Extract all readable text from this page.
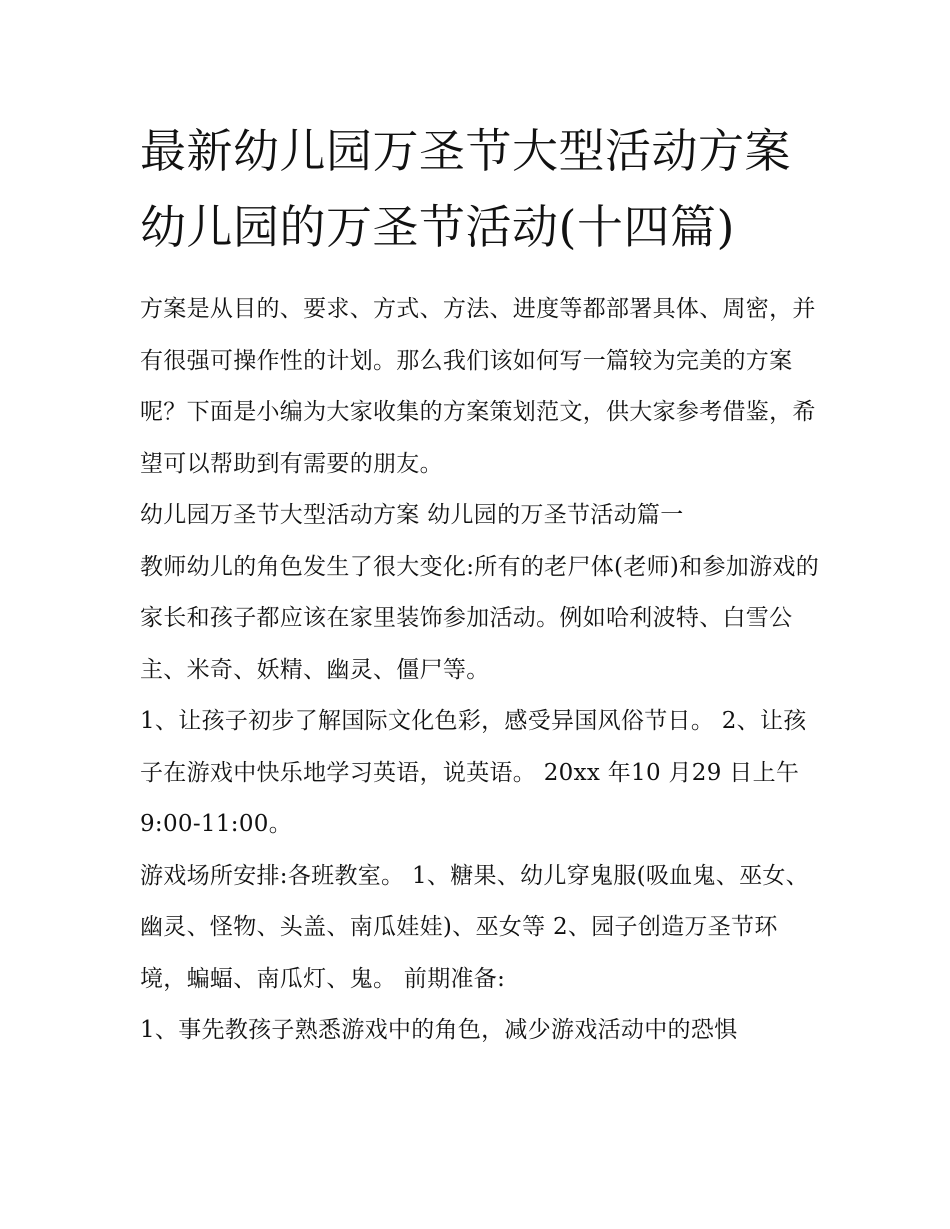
最新幼儿园万圣节大型活动方案 幼儿园的万圣节活动(十四篇)

方案是从目的、要求、方式、方法、进度等都部署具体、周密，并有很强可操作性的计划。那么我们该如何写一篇较为完美的方案呢？下面是小编为大家收集的方案策划范文，供大家参考借鉴，希望可以帮助到有需要的朋友。

幼儿园万圣节大型活动方案 幼儿园的万圣节活动篇一

教师幼儿的角色发生了很大变化:所有的老尸体(老师)和参加游戏的家长和孩子都应该在家里装饰参加活动。例如哈利波特、白雪公主、米奇、妖精、幽灵、僵尸等。

1、让孩子初步了解国际文化色彩，感受异国风俗节日。 2、让孩子在游戏中快乐地学习英语，说英语。 20xx 年10 月29 日上午 9:00-11:00。

游戏场所安排:各班教室。 1、糖果、幼儿穿鬼服(吸血鬼、巫女、幽灵、怪物、头盖、南瓜娃娃)、巫女等 2、园子创造万圣节环境，蝙蝠、南瓜灯、鬼。 前期准备:

1、事先教孩子熟悉游戏中的角色，减少游戏活动中的恐惧
